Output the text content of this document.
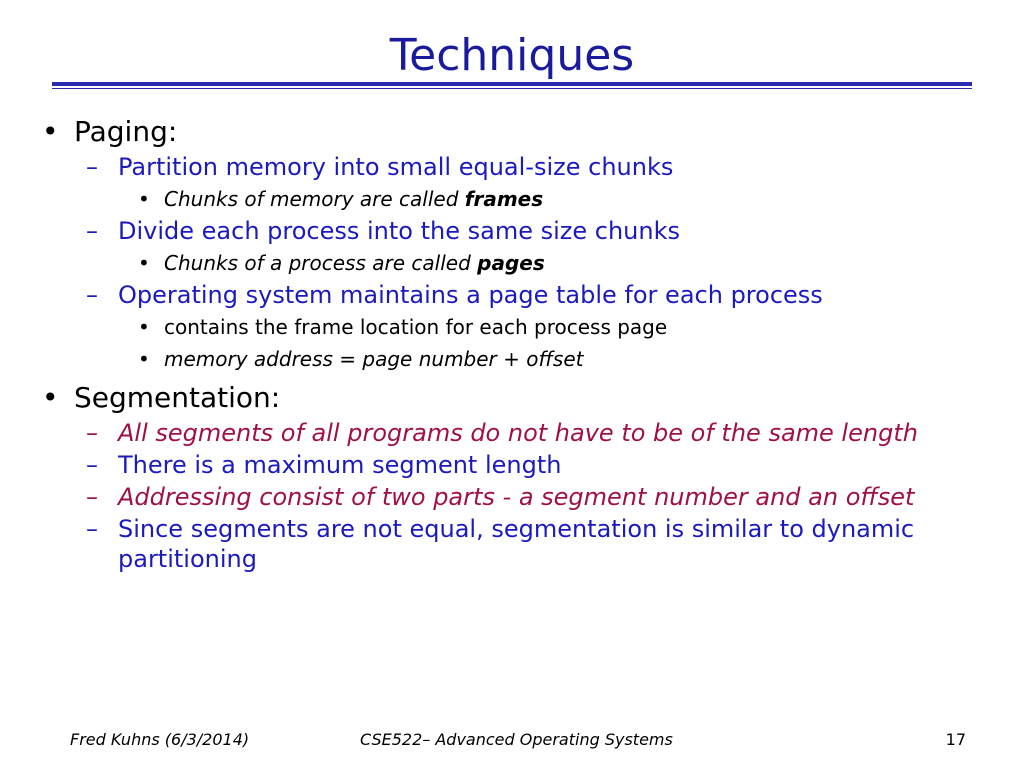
Techniques
• Paging:
– Partition memory into small equal-size chunks
• Chunks of memory are called frames
– Divide each process into the same size chunks
• Chunks of a process are called pages
– Operating system maintains a page table for each process
• contains the frame location for each process page
• memory address = page number + offset
• Segmentation:
– All segments of all programs do not have to be of the same length
– There is a maximum segment length
– Addressing consist of two parts - a segment number and an offset
– Since segments are not equal, segmentation is similar to dynamic partitioning
Fred Kuhns (6/3/2014)	CSE522– Advanced Operating Systems	17
